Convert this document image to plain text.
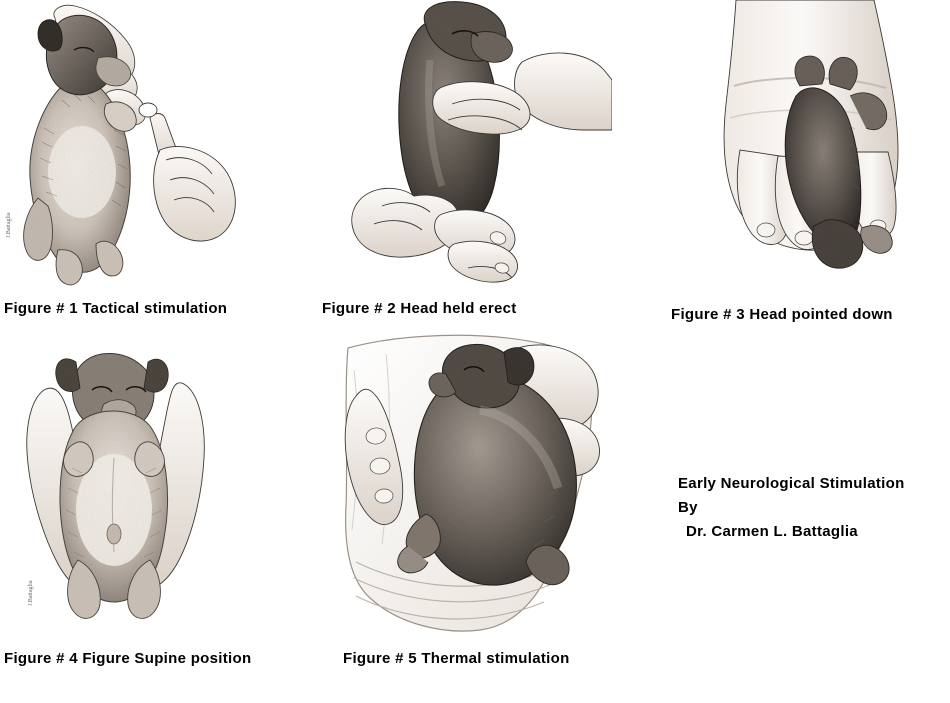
J.Battaglia
Figure # 1 Tactical stimulation	Figure # 2 Head held erect	Figure # 3 Head pointed down
J.Battaglia
Figure # 4 Figure Supine position	Figure # 5 Thermal stimulation
Early Neurological Stimulation
By
Dr. Carmen L. Battaglia
